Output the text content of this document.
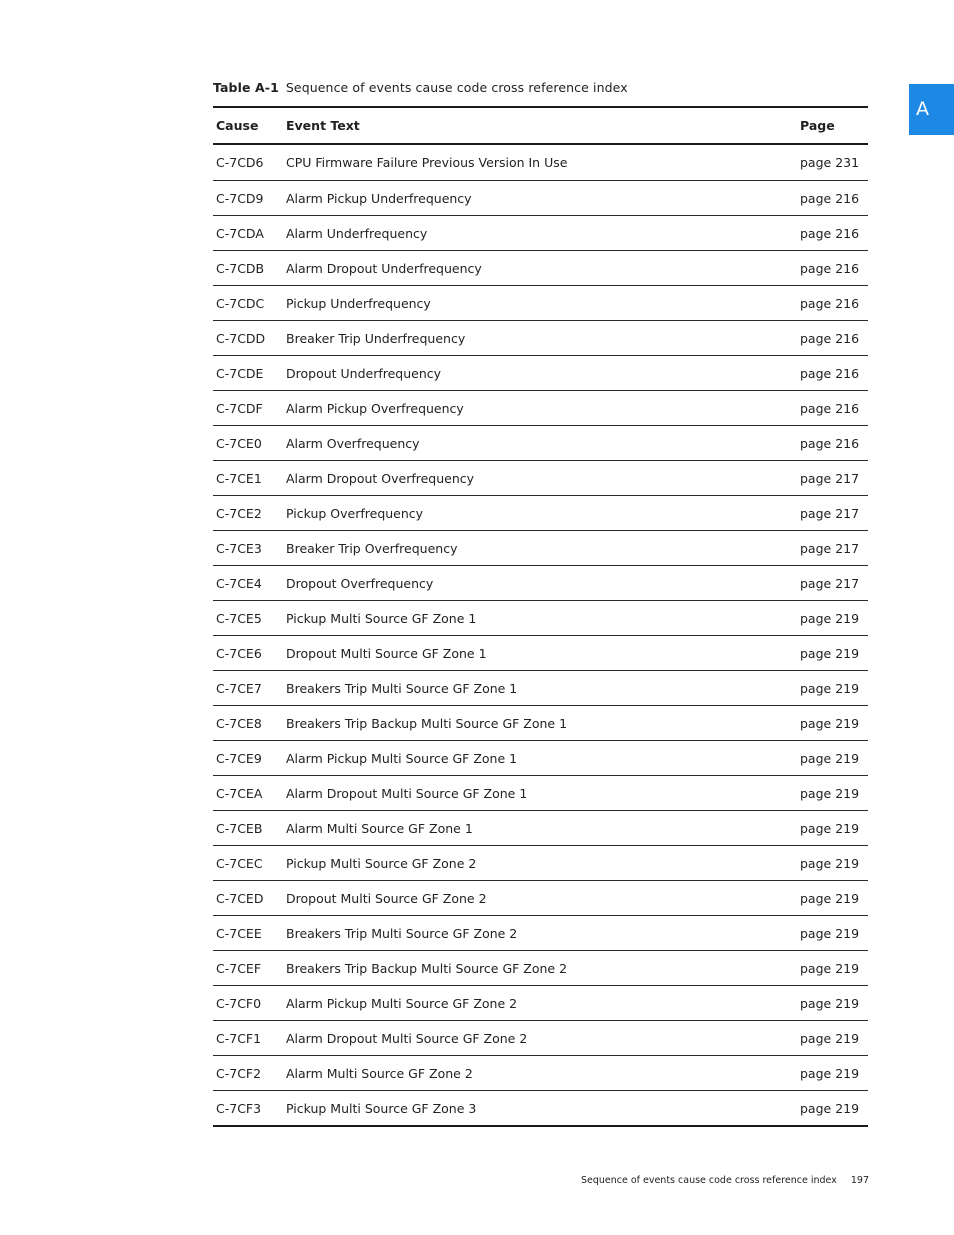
Table A-1 Sequence of events cause code cross reference index
A
Cause	Event Text	Page
C-7CD6	CPU Firmware Failure Previous Version In Use	page 231
C-7CD9	Alarm Pickup Underfrequency	page 216
C-7CDA	Alarm Underfrequency	page 216
C-7CDB	Alarm Dropout Underfrequency	page 216
C-7CDC	Pickup Underfrequency	page 216
C-7CDD	Breaker Trip Underfrequency	page 216
C-7CDE	Dropout Underfrequency	page 216
C-7CDF	Alarm Pickup Overfrequency	page 216
C-7CE0	Alarm Overfrequency	page 216
C-7CE1	Alarm Dropout Overfrequency	page 217
C-7CE2	Pickup Overfrequency	page 217
C-7CE3	Breaker Trip Overfrequency	page 217
C-7CE4	Dropout Overfrequency	page 217
C-7CE5	Pickup Multi Source GF Zone 1	page 219
C-7CE6	Dropout Multi Source GF Zone 1	page 219
C-7CE7	Breakers Trip Multi Source GF Zone 1	page 219
C-7CE8	Breakers Trip Backup Multi Source GF Zone 1	page 219
C-7CE9	Alarm Pickup Multi Source GF Zone 1	page 219
C-7CEA	Alarm Dropout Multi Source GF Zone 1	page 219
C-7CEB	Alarm Multi Source GF Zone 1	page 219
C-7CEC	Pickup Multi Source GF Zone 2	page 219
C-7CED	Dropout Multi Source GF Zone 2	page 219
C-7CEE	Breakers Trip Multi Source GF Zone 2	page 219
C-7CEF	Breakers Trip Backup Multi Source GF Zone 2	page 219
C-7CF0	Alarm Pickup Multi Source GF Zone 2	page 219
C-7CF1	Alarm Dropout Multi Source GF Zone 2	page 219
C-7CF2	Alarm Multi Source GF Zone 2	page 219
C-7CF3	Pickup Multi Source GF Zone 3	page 219
Sequence of events cause code cross reference index 197
